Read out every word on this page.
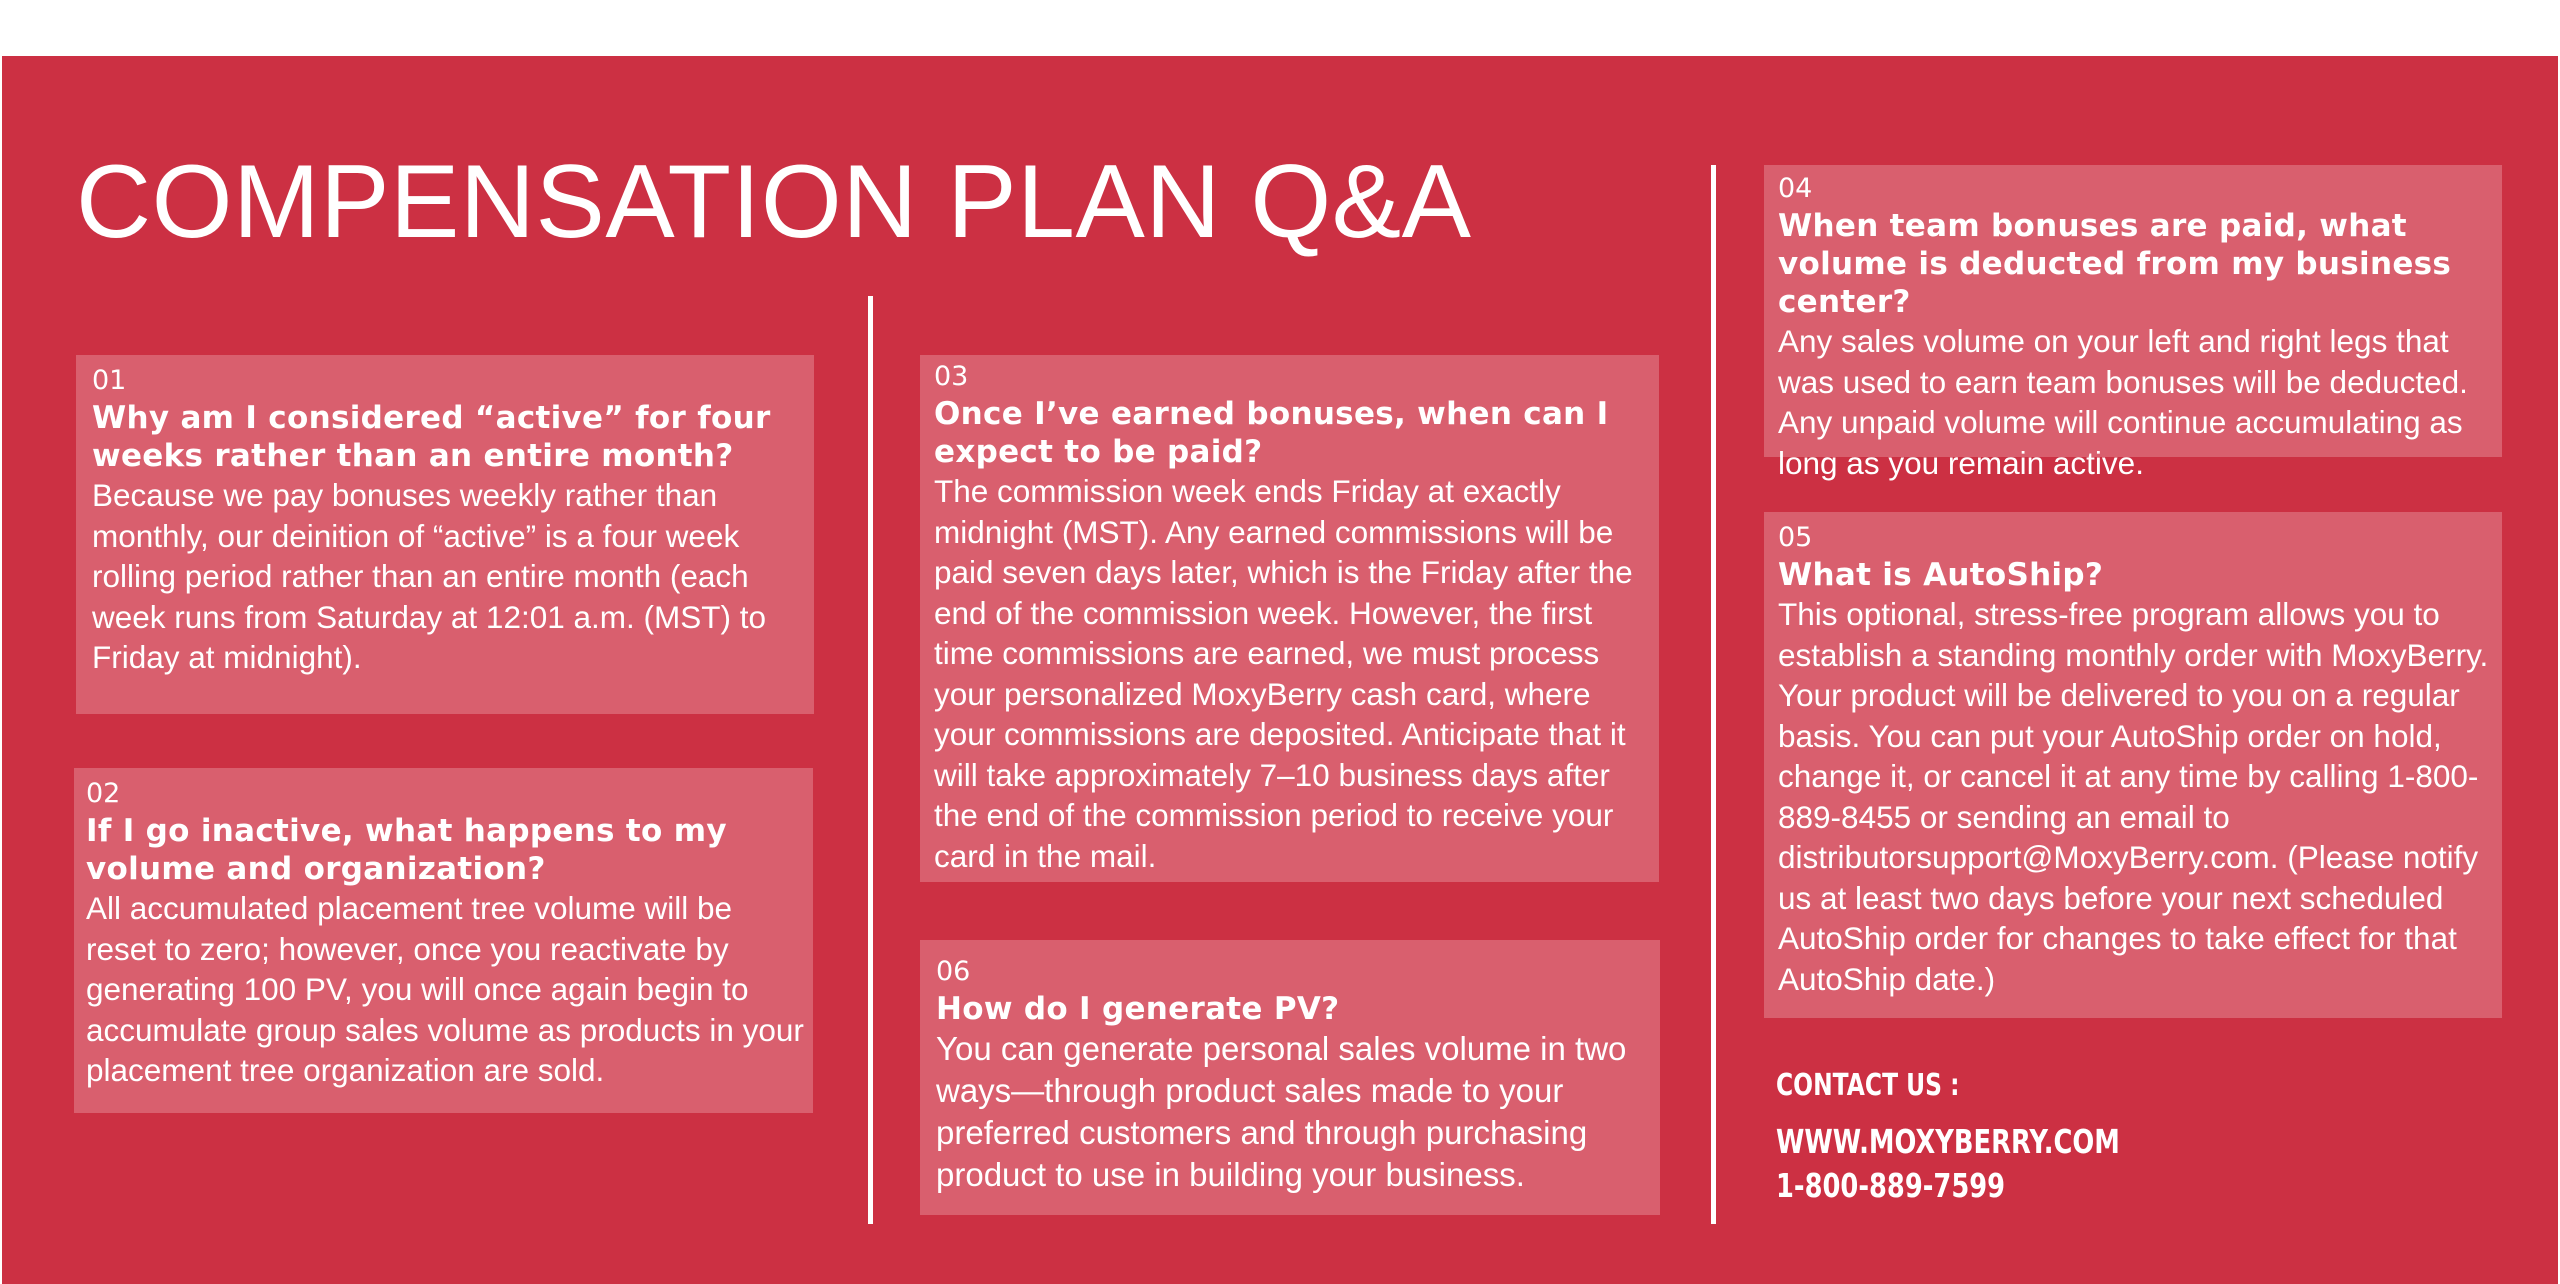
COMPENSATION PLAN Q&A
01
Why am I considered “active” for four weeks rather than an entire month?
Because we pay bonuses weekly rather than monthly, our deinition of “active” is a four week rolling period rather than an entire month (each week runs from Saturday at 12:01 a.m. (MST) to Friday at midnight).
02
If I go inactive, what happens to my volume and organization?
All accumulated placement tree volume will be reset to zero; however, once you reactivate by generating 100 PV, you will once again begin to accumulate group sales volume as products in your placement tree organization are sold.
03
Once I’ve earned bonuses, when can I expect to be paid?
The commission week ends Friday at exactly midnight (MST). Any earned commissions will be paid seven days later, which is the Friday after the end of the commission week. However, the first time commissions are earned, we must process your personalized MoxyBerry cash card, where your commissions are deposited. Anticipate that it will take approximately 7–10 business days after the end of the commission period to receive your card in the mail.
06
How do I generate PV?
You can generate personal sales volume in two ways—through product sales made to your preferred customers and through purchasing product to use in building your business.
04
When team bonuses are paid, what volume is deducted from my business center?
Any sales volume on your left and right legs that was used to earn team bonuses will be deducted. Any unpaid volume will continue accumulating as long as you remain active.
05
What is AutoShip?
This optional, stress-free program allows you to establish a standing monthly order with MoxyBerry. Your product will be delivered to you on a regular basis. You can put your AutoShip order on hold, change it, or cancel it at any time by calling 1-800-889-8455 or sending an email to distributorsupport@MoxyBerry.com. (Please notify us at least two days before your next scheduled AutoShip order for changes to take effect for that AutoShip date.)
CONTACT US :
WWW.MOXYBERRY.COM
1-800-889-7599
